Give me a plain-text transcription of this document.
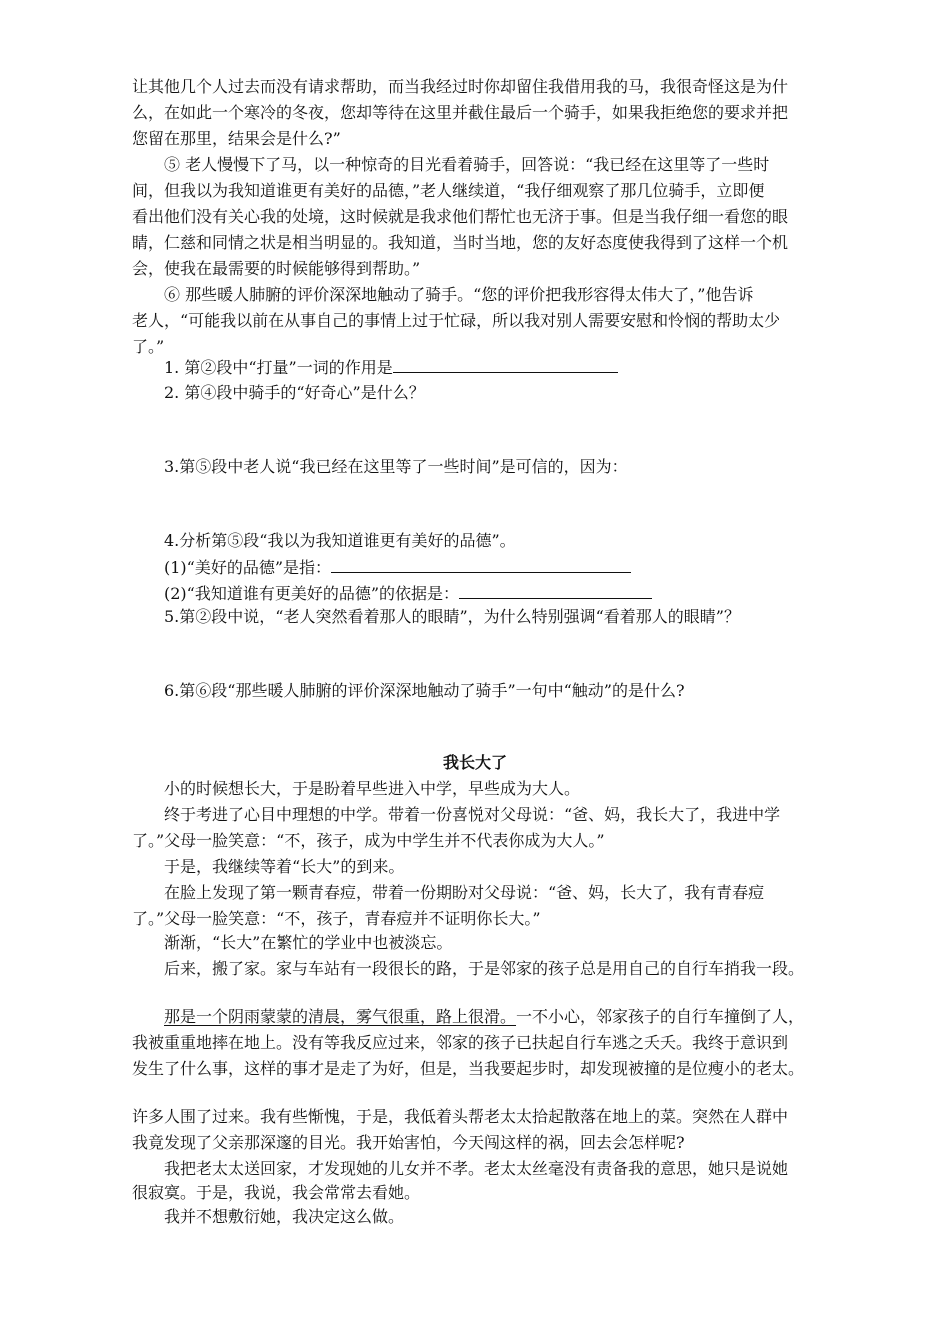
让其他几个人过去而没有请求帮助，而当我经过时你却留住我借用我的马，我很奇怪这是为什
么，在如此一个寒冷的冬夜，您却等待在这里并截住最后一个骑手，如果我拒绝您的要求并把
您留在那里，结果会是什么?”
⑤ 老人慢慢下了马，以一种惊奇的目光看着骑手，回答说：“我已经在这里等了一些时
间，但我以为我知道谁更有美好的品德，”老人继续道，“我仔细观察了那几位骑手，立即便
看出他们没有关心我的处境，这时候就是我求他们帮忙也无济于事。但是当我仔细一看您的眼
睛，仁慈和同情之状是相当明显的。我知道，当时当地，您的友好态度使我得到了这样一个机
会，使我在最需要的时候能够得到帮助。”
⑥ 那些暖人肺腑的评价深深地触动了骑手。“您的评价把我形容得太伟大了，”他告诉
老人，“可能我以前在从事自己的事情上过于忙碌，所以我对别人需要安慰和怜悯的帮助太少
了。”
1. 第②段中“打量”一词的作用是
2. 第④段中骑手的“好奇心”是什么？
3.第⑤段中老人说“我已经在这里等了一些时间”是可信的，因为：
4.分析第⑤段“我以为我知道谁更有美好的品德”。
(1)“美好的品德”是指：
(2)“我知道谁有更美好的品德”的依据是：
5.第②段中说，“老人突然看着那人的眼睛”，为什么特别强调“看着那人的眼睛”？
6.第⑥段“那些暖人肺腑的评价深深地触动了骑手”一句中“触动”的是什么?
我长大了
小的时候想长大，于是盼着早些进入中学，早些成为大人。
终于考进了心目中理想的中学。带着一份喜悦对父母说：“爸、妈，我长大了，我进中学
了。”父母一脸笑意：“不，孩子，成为中学生并不代表你成为大人。”
于是，我继续等着“长大”的到来。
在脸上发现了第一颗青春痘，带着一份期盼对父母说：“爸、妈，长大了，我有青春痘
了。”父母一脸笑意：“不，孩子，青春痘并不证明你长大。”
渐渐，“长大”在繁忙的学业中也被淡忘。
后来，搬了家。家与车站有一段很长的路，于是邻家的孩子总是用自己的自行车捎我一段。
那是一个阴雨蒙蒙的清晨，雾气很重，路上很滑。一不小心，邻家孩子的自行车撞倒了人，
我被重重地摔在地上。没有等我反应过来，邻家的孩子已扶起自行车逃之夭夭。我终于意识到
发生了什么事，这样的事才是走了为好，但是，当我要起步时，却发现被撞的是位瘦小的老太。
许多人围了过来。我有些惭愧，于是，我低着头帮老太太拾起散落在地上的菜。突然在人群中
我竟发现了父亲那深邃的目光。我开始害怕，今天闯这样的祸，回去会怎样呢?
我把老太太送回家，才发现她的儿女并不孝。老太太丝毫没有责备我的意思，她只是说她
很寂寞。于是，我说，我会常常去看她。
我并不想敷衍她，我决定这么做。
